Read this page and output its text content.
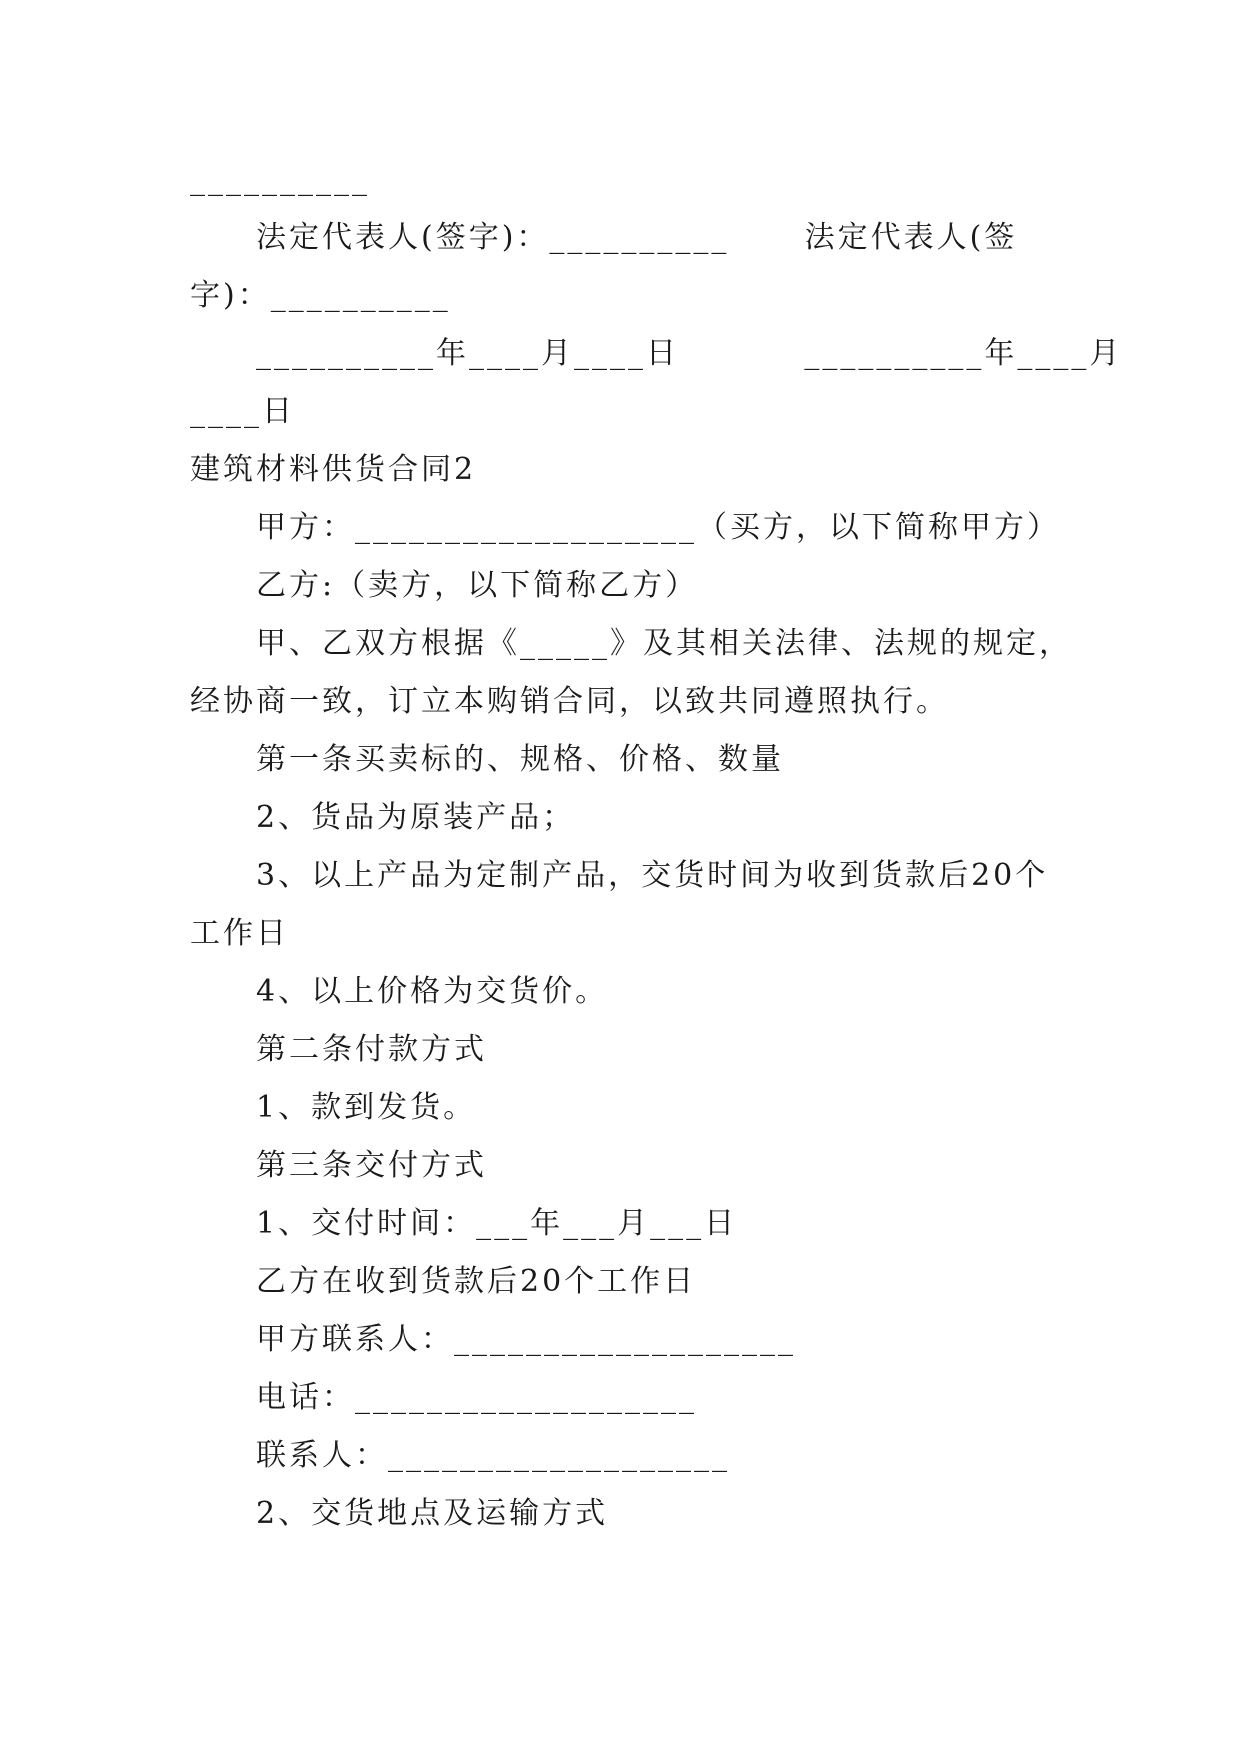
__________
法定代表人(签字)：__________      法定代表人(签
字)：__________
__________年____月____日          __________年____月
____日
建筑材料供货合同2
甲方：___________________（买方，以下简称甲方）
乙方:（卖方，以下简称乙方）
甲、乙双方根据《_____》及其相关法律、法规的规定，
经协商一致，订立本购销合同，以致共同遵照执行。
第一条买卖标的、规格、价格、数量
2、货品为原装产品；
3、以上产品为定制产品，交货时间为收到货款后20个
工作日
4、以上价格为交货价。
第二条付款方式
1、款到发货。
第三条交付方式
1、交付时间：___年___月___日
乙方在收到货款后20个工作日
甲方联系人：___________________
电话：___________________
联系人：___________________
2、交货地点及运输方式
